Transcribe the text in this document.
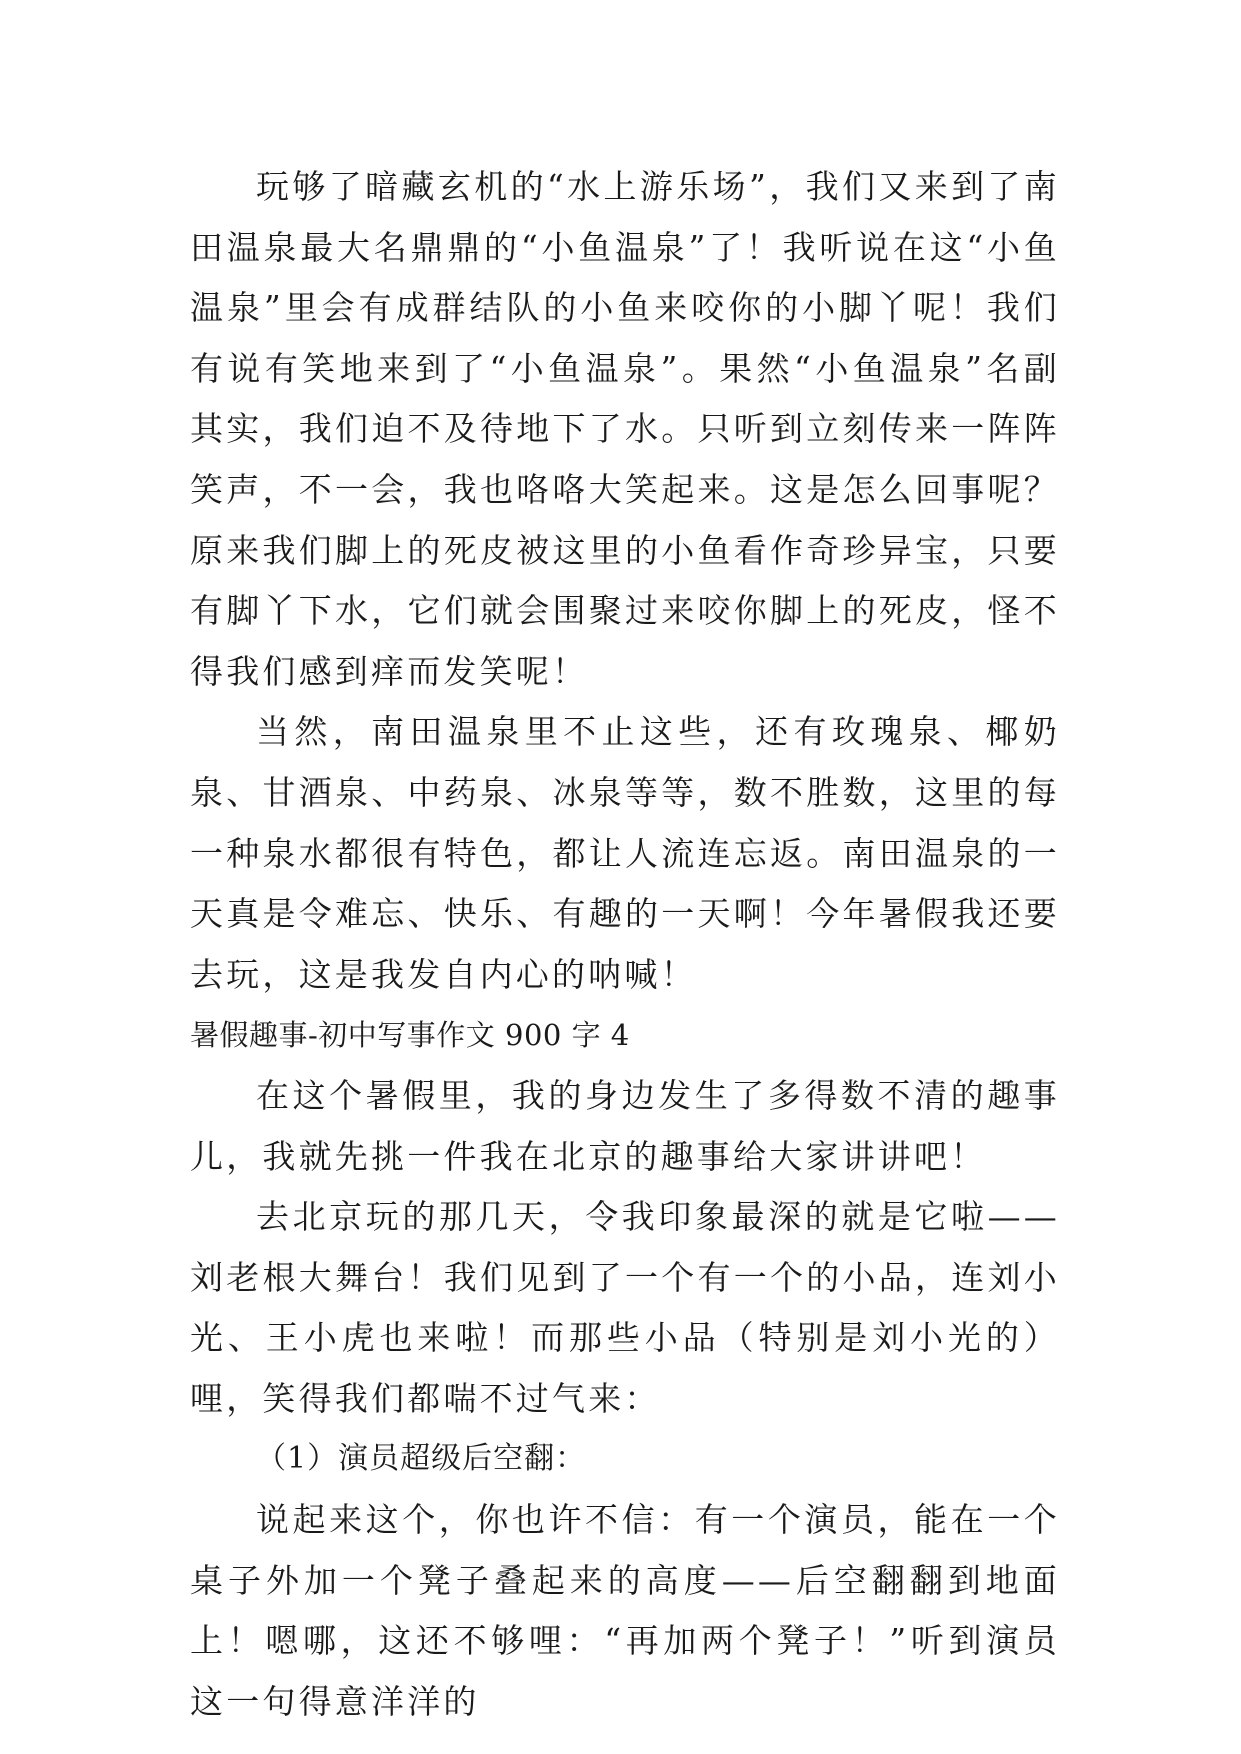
玩够了暗藏玄机的“水上游乐场”，我们又来到了南田温泉最大名鼎鼎的“小鱼温泉”了！我听说在这“小鱼温泉”里会有成群结队的小鱼来咬你的小脚丫呢！我们有说有笑地来到了“小鱼温泉”。果然“小鱼温泉”名副其实，我们迫不及待地下了水。只听到立刻传来一阵阵笑声，不一会，我也咯咯大笑起来。这是怎么回事呢？原来我们脚上的死皮被这里的小鱼看作奇珍异宝，只要有脚丫下水，它们就会围聚过来咬你脚上的死皮，怪不得我们感到痒而发笑呢！

当然，南田温泉里不止这些，还有玫瑰泉、椰奶泉、甘酒泉、中药泉、冰泉等等，数不胜数，这里的每一种泉水都很有特色，都让人流连忘返。南田温泉的一天真是令难忘、快乐、有趣的一天啊！今年暑假我还要去玩，这是我发自内心的呐喊！

暑假趣事-初中写事作文 900 字 4

在这个暑假里，我的身边发生了多得数不清的趣事儿，我就先挑一件我在北京的趣事给大家讲讲吧！

去北京玩的那几天，令我印象最深的就是它啦——刘老根大舞台！我们见到了一个有一个的小品，连刘小光、王小虎也来啦！而那些小品（特别是刘小光的）哩，笑得我们都喘不过气来：

（1）演员超级后空翻：

说起来这个，你也许不信：有一个演员，能在一个桌子外加一个凳子叠起来的高度——后空翻翻到地面上！嗯哪，这还不够哩：“再加两个凳子！”听到演员这一句得意洋洋的
